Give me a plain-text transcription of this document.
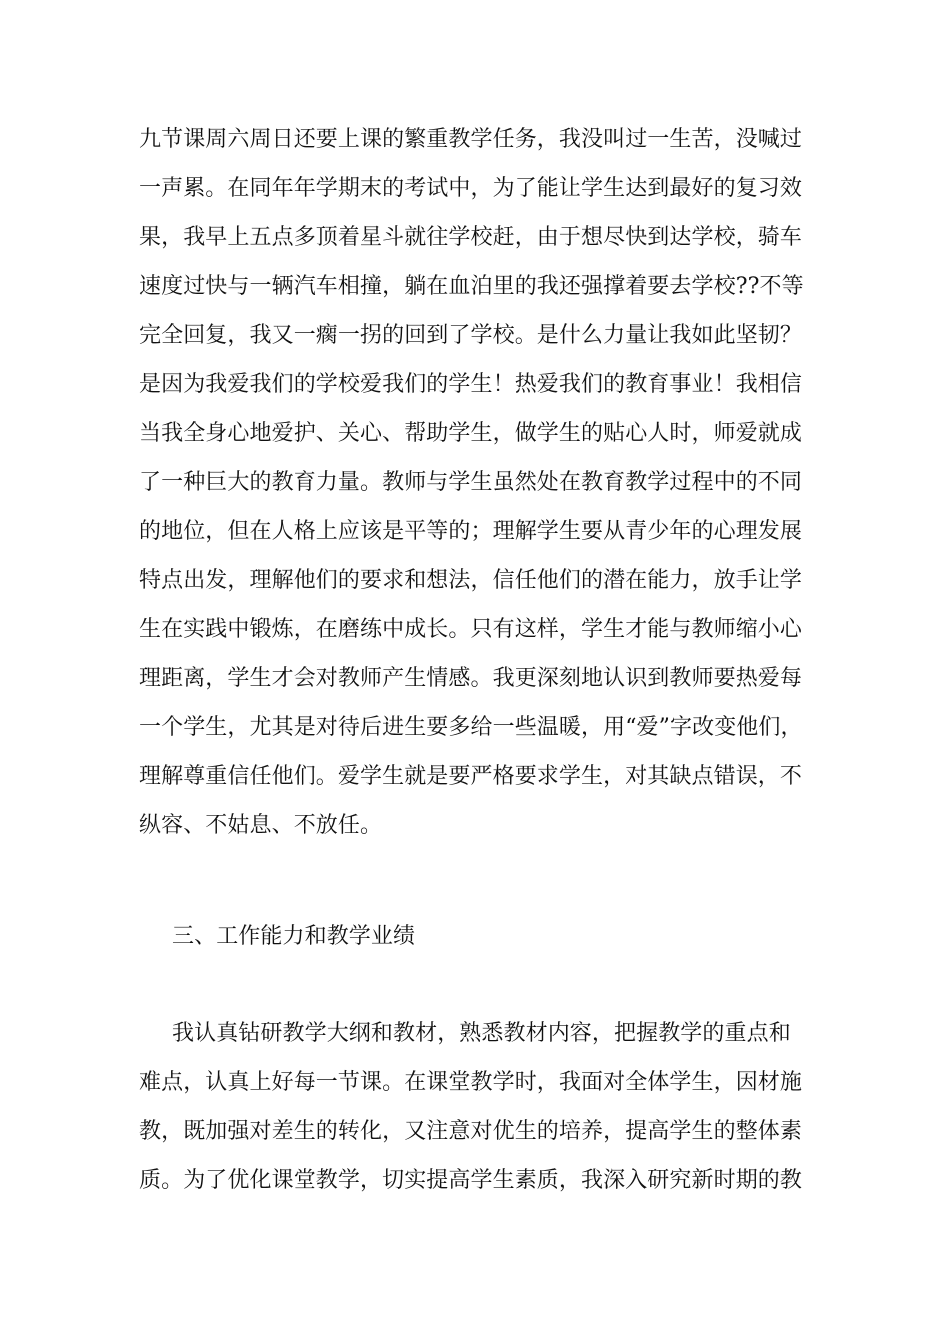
九节课周六周日还要上课的繁重教学任务，我没叫过一生苦，没喊过
一声累。在同年年学期末的考试中，为了能让学生达到最好的复习效
果，我早上五点多顶着星斗就往学校赶，由于想尽快到达学校，骑车
速度过快与一辆汽车相撞，躺在血泊里的我还强撑着要去学校??不等
完全回复，我又一瘸一拐的回到了学校。是什么力量让我如此坚韧？
是因为我爱我们的学校爱我们的学生！热爱我们的教育事业！我相信
当我全身心地爱护、关心、帮助学生，做学生的贴心人时，师爱就成
了一种巨大的教育力量。教师与学生虽然处在教育教学过程中的不同
的地位，但在人格上应该是平等的；理解学生要从青少年的心理发展
特点出发，理解他们的要求和想法，信任他们的潜在能力，放手让学
生在实践中锻炼，在磨练中成长。只有这样，学生才能与教师缩小心
理距离，学生才会对教师产生情感。我更深刻地认识到教师要热爱每
一个学生，尤其是对待后进生要多给一些温暖，用“爱”字改变他们，
理解尊重信任他们。爱学生就是要严格要求学生，对其缺点错误，不
纵容、不姑息、不放任。
三、工作能力和教学业绩
我认真钻研教学大纲和教材，熟悉教材内容，把握教学的重点和
难点，认真上好每一节课。在课堂教学时，我面对全体学生，因材施
教，既加强对差生的转化，又注意对优生的培养，提高学生的整体素
质。为了优化课堂教学，切实提高学生素质，我深入研究新时期的教
